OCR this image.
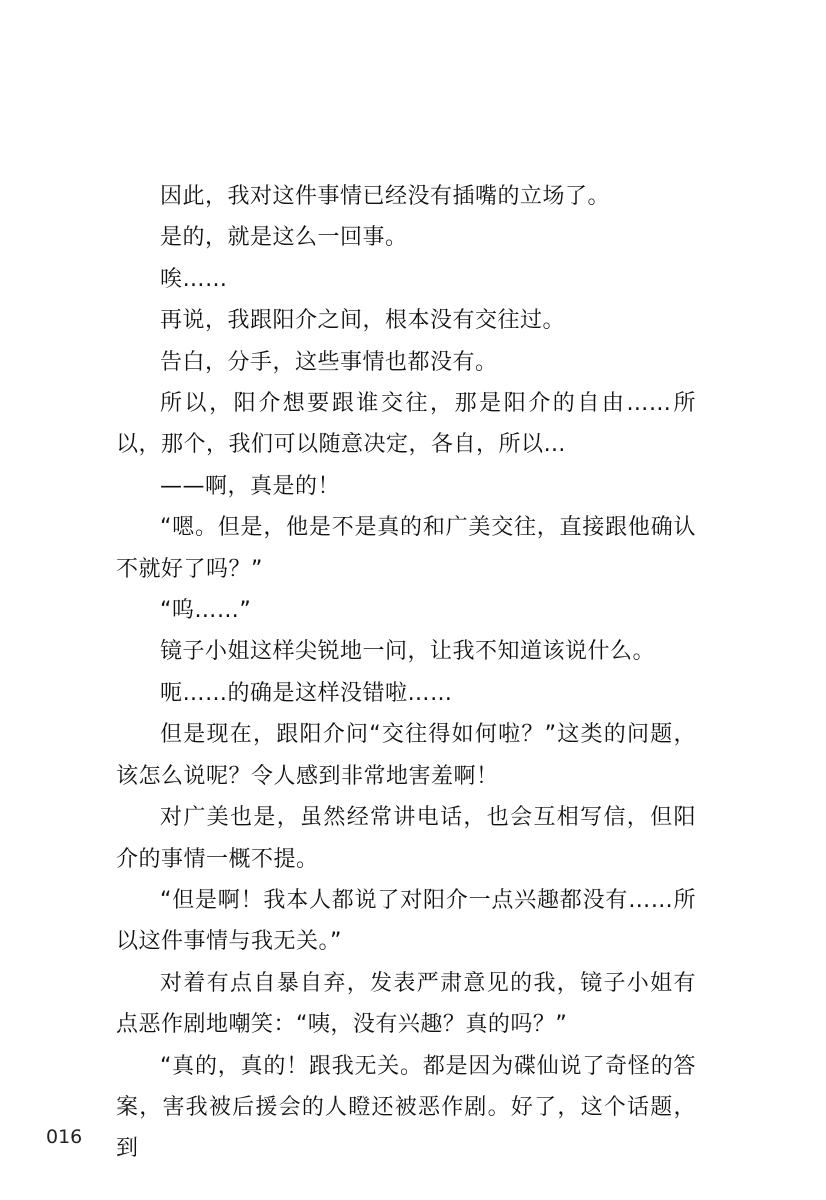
因此，我对这件事情已经没有插嘴的立场了。

是的，就是这么一回事。

唉……

再说，我跟阳介之间，根本没有交往过。

告白，分手，这些事情也都没有。

所以，阳介想要跟谁交往，那是阳介的自由……所以，那个，我们可以随意决定，各自，所以…

——啊，真是的！

“嗯。但是，他是不是真的和广美交往，直接跟他确认不就好了吗？”

“呜……”

镜子小姐这样尖锐地一问，让我不知道该说什么。

呃……的确是这样没错啦……

但是现在，跟阳介问“交往得如何啦？”这类的问题，该怎么说呢？令人感到非常地害羞啊！

对广美也是，虽然经常讲电话，也会互相写信，但阳介的事情一概不提。

“但是啊！我本人都说了对阳介一点兴趣都没有……所以这件事情与我无关。”

对着有点自暴自弃，发表严肃意见的我，镜子小姐有点恶作剧地嘲笑：“咦，没有兴趣？真的吗？”

“真的，真的！跟我无关。都是因为碟仙说了奇怪的答案，害我被后援会的人瞪还被恶作剧。好了，这个话题，到

016
